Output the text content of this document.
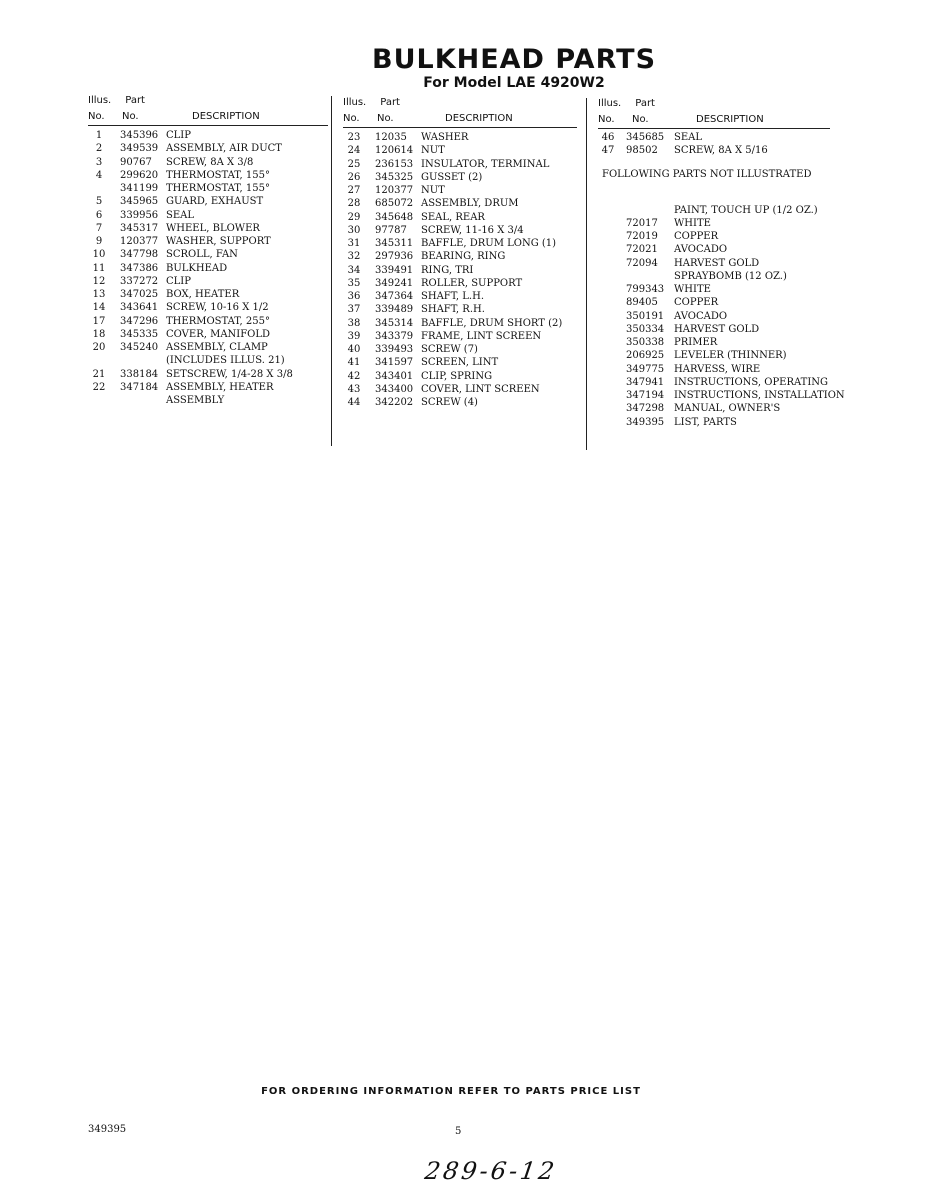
BULKHEAD PARTS
For Model LAE 4920W2
Illus. Part
No. No.	DESCRIPTION
1	345396 CLIP
2	349539 ASSEMBLY, AIR DUCT
3	90767	SCREW, 8A X 3/8
4	299620 THERMOSTAT, 155°
341199 THERMOSTAT, 155°
5	345965 GUARD, EXHAUST
6	339956 SEAL
7	345317 WHEEL, BLOWER
9	120377 WASHER, SUPPORT
10	347798 SCROLL, FAN
11	347386 BULKHEAD
12	337272 CLIP
13	347025 BOX, HEATER
14	343641 SCREW, 10-16 X 1/2
17	347296 THERMOSTAT, 255°
18	345335 COVER, MANIFOLD
20	345240 ASSEMBLY, CLAMP
(INCLUDES ILLUS. 21)
21	338184 SETSCREW, 1/4-28 X 3/8
22	347184 ASSEMBLY, HEATER
ASSEMBLY
Illus. Part
No. No.	DESCRIPTION
23	12035	WASHER
24	120614 NUT
25	236153 INSULATOR, TERMINAL
26	345325 GUSSET (2)
27	120377 NUT
28	685072 ASSEMBLY, DRUM
29	345648 SEAL, REAR
30	97787	SCREW, 11-16 X 3/4
31	345311 BAFFLE, DRUM LONG (1)
32	297936 BEARING, RING
34	339491 RING, TRI
35	349241 ROLLER, SUPPORT
36	347364 SHAFT, L.H.
37	339489 SHAFT, R.H.
38	345314 BAFFLE, DRUM SHORT (2)
39	343379 FRAME, LINT SCREEN
40	339493 SCREW (7)
41	341597 SCREEN, LINT
42	343401 CLIP, SPRING
43	343400 COVER, LINT SCREEN
44	342202 SCREW (4)
Illus. Part
No. No.	DESCRIPTION
46	345685 SEAL
47	98502	SCREW, 8A X 5/16
FOLLOWING PARTS NOT ILLUSTRATED
PAINT, TOUCH UP (1/2 OZ.)
72017	WHITE
72019	COPPER
72021	AVOCADO
72094	HARVEST GOLD
SPRAYBOMB (12 OZ.)
799343 WHITE
89405	COPPER
350191 AVOCADO
350334 HARVEST GOLD
350338 PRIMER
206925 LEVELER (THINNER)
349775 HARVESS, WIRE
347941 INSTRUCTIONS, OPERATING
347194 INSTRUCTIONS, INSTALLATION
347298 MANUAL, OWNER'S
349395 LIST, PARTS
FOR ORDERING INFORMATION REFER TO PARTS PRICE LIST
349395	5
289-6-12
